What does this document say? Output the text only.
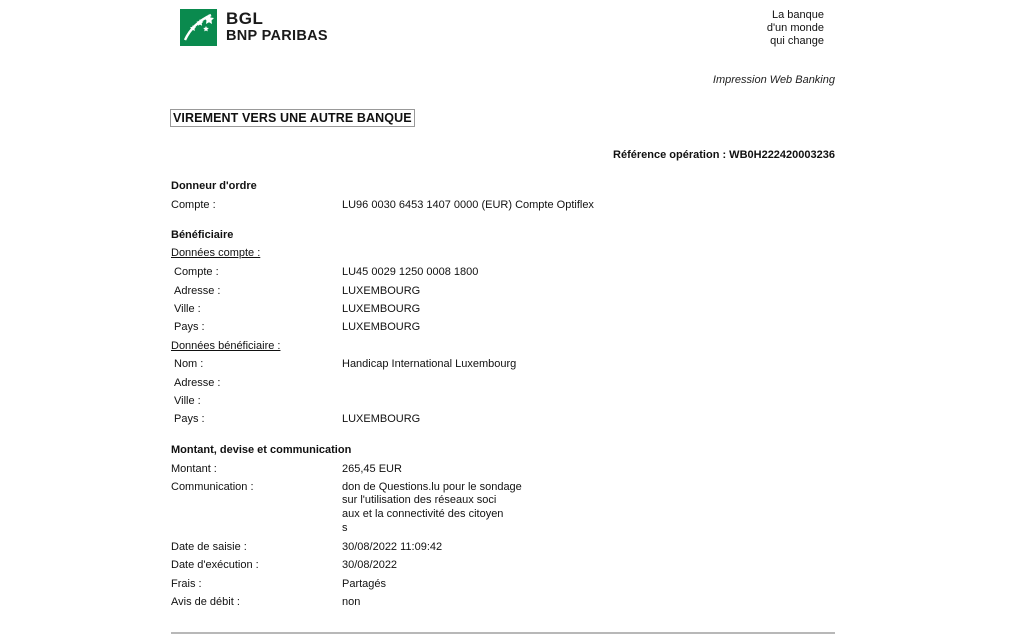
BGL
BNP PARIBAS
La banque
d'un monde
qui change
Impression Web Banking
VIREMENT VERS UNE AUTRE BANQUE
Référence opération : WB0H222420003236
Donneur d'ordre
Compte :	LU96 0030 6453 1407 0000 (EUR) Compte Optiflex
Bénéficiaire
Données compte :
Compte :	LU45 0029 1250 0008 1800
Adresse :	LUXEMBOURG
Ville :	LUXEMBOURG
Pays :	LUXEMBOURG
Données bénéficiaire :
Nom :	Handicap International Luxembourg
Adresse :
Ville :
Pays :	LUXEMBOURG
Montant, devise et communication
Montant :	265,45 EUR
Communication :	don de Questions.lu pour le sondage
sur l'utilisation des réseaux soci
aux et la connectivité des citoyen
s
Date de saisie :	30/08/2022 11:09:42
Date d'exécution :	30/08/2022
Frais :	Partagés
Avis de débit :	non
